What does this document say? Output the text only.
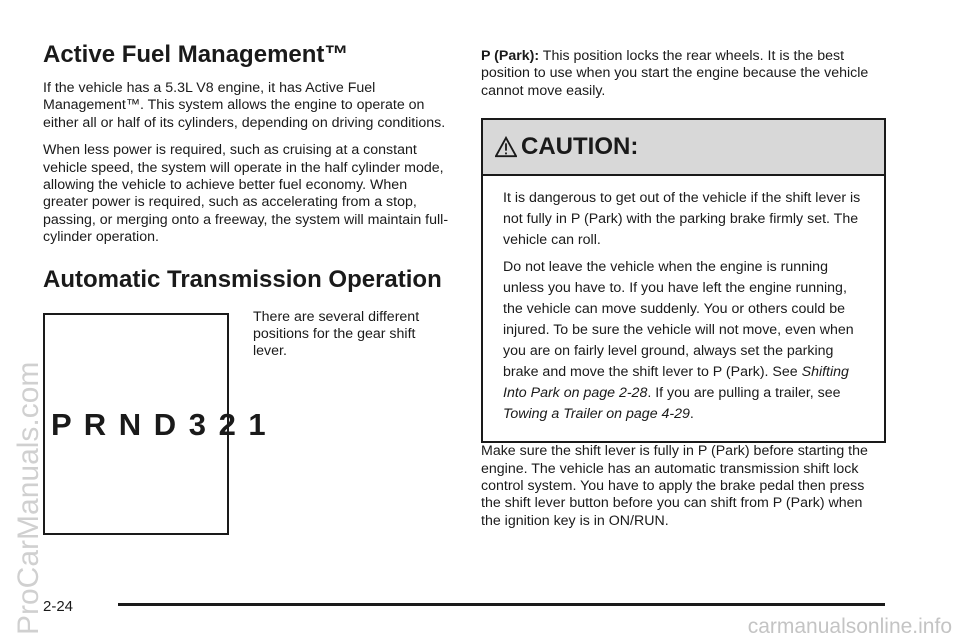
Active Fuel Management™

If the vehicle has a 5.3L V8 engine, it has Active Fuel Management™. This system allows the engine to operate on either all or half of its cylinders, depending on driving conditions.

When less power is required, such as cruising at a constant vehicle speed, the system will operate in the half cylinder mode, allowing the vehicle to achieve better fuel economy. When greater power is required, such as accelerating from a stop, passing, or merging onto a freeway, the system will maintain full-cylinder operation.

Automatic Transmission Operation
P R N D 3 2 1
There are several different positions for the gear shift lever.

P (Park): This position locks the rear wheels. It is the best position to use when you start the engine because the vehicle cannot move easily.

CAUTION:

It is dangerous to get out of the vehicle if the shift lever is not fully in P (Park) with the parking brake firmly set. The vehicle can roll.

Do not leave the vehicle when the engine is running unless you have to. If you have left the engine running, the vehicle can move suddenly. You or others could be injured. To be sure the vehicle will not move, even when you are on fairly level ground, always set the parking brake and move the shift lever to P (Park). See Shifting Into Park on page 2-28. If you are pulling a trailer, see Towing a Trailer on page 4-29.

Make sure the shift lever is fully in P (Park) before starting the engine. The vehicle has an automatic transmission shift lock control system. You have to apply the brake pedal then press the shift lever button before you can shift from P (Park) when the ignition key is in ON/RUN.

2-24
ProCarManuals.com	carmanualsonline.info
